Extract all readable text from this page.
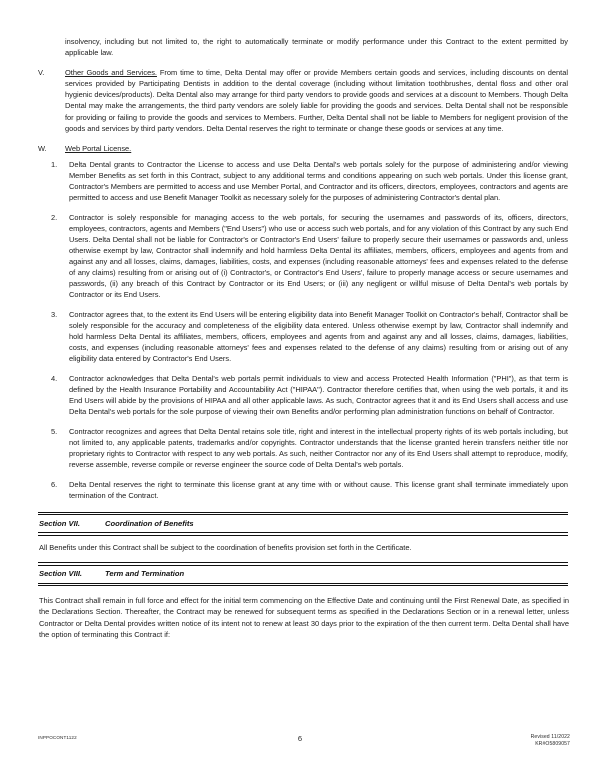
insolvency, including but not limited to, the right to automatically terminate or modify performance under this Contract to the extent permitted by applicable law.
V.	Other Goods and Services. From time to time, Delta Dental may offer or provide Members certain goods and services, including discounts on dental services provided by Participating Dentists in addition to the dental coverage (including without limitation toothbrushes, dental floss and other oral hygienic devices/products). Delta Dental also may arrange for third party vendors to provide goods and services at a discount to Members. Though Delta Dental may make the arrangements, the third party vendors are solely liable for providing the goods and services. Delta Dental shall not be responsible for providing or failing to provide the goods and services to Members. Further, Delta Dental shall not be liable to Members for negligent provision of the goods and services by third party vendors. Delta Dental reserves the right to terminate or change these goods or services at any time.
W.	Web Portal License.
1.	Delta Dental grants to Contractor the License to access and use Delta Dental's web portals solely for the purpose of administering and/or viewing Member Benefits as set forth in this Contract, subject to any additional terms and conditions appearing on such web portals. Under this license grant, Contractor's Members are permitted to access and use Member Portal, and Contractor and its officers, directors, employees, contractors and agents are permitted to access and use Benefit Manager Toolkit as necessary solely for the purposes of administering Contractor's dental plan.
2.	Contractor is solely responsible for managing access to the web portals, for securing the usernames and passwords of its, officers, directors, employees, contractors, agents and Members ("End Users") who use or access such web portals, and for any violation of this Contract by any such End Users. Delta Dental shall not be liable for Contractor's or Contractor's End Users' failure to properly secure their usernames or passwords and, unless otherwise exempt by law, Contractor shall indemnify and hold harmless Delta Dental its affiliates, members, officers, employees and agents from and against any and all losses, claims, damages, liabilities, costs, and expenses (including reasonable attorneys' fees and expenses related to the defense of any claims) resulting from or arising out of (i) Contractor's, or Contractor's End Users', failure to properly manage access or secure usernames and passwords, (ii) any breach of this Contract by Contractor or its End Users; or (iii) any negligent or willful misuse of Delta Dental's web portals by Contractor or its End Users.
3.	Contractor agrees that, to the extent its End Users will be entering eligibility data into Benefit Manager Toolkit on Contractor's behalf, Contractor shall be solely responsible for the accuracy and completeness of the eligibility data entered. Unless otherwise exempt by law, Contractor shall indemnify and hold harmless Delta Dental its affiliates, members, officers, employees and agents from and against any and all losses, claims, damages, liabilities, costs, and expenses (including reasonable attorneys' fees and expenses related to the defense of any claims) resulting from or arising out of any eligibility data entered by Contractor's End Users.
4.	Contractor acknowledges that Delta Dental's web portals permit individuals to view and access Protected Health Information ("PHI"), as that term is defined by the Health Insurance Portability and Accountability Act ("HIPAA"). Contractor therefore certifies that, when using the web portals, it and its End Users will abide by the provisions of HIPAA and all other applicable laws. As such, Contractor agrees that it and its End Users shall access and use Delta Dental's web portals for the sole purpose of viewing their own Benefits and/or performing plan administration functions on behalf of Contractor.
5.	Contractor recognizes and agrees that Delta Dental retains sole title, right and interest in the intellectual property rights of its web portals including, but not limited to, any applicable patents, trademarks and/or copyrights. Contractor understands that the license granted herein transfers neither title nor proprietary rights to Contractor with respect to any web portals. As such, neither Contractor nor any of its End Users shall attempt to reproduce, modify, reverse assemble, reverse compile or reverse engineer the source code of Delta Dental's web portals.
6.	Delta Dental reserves the right to terminate this license grant at any time with or without cause. This license grant shall terminate immediately upon termination of the Contract.
Section VII.	Coordination of Benefits
All Benefits under this Contract shall be subject to the coordination of benefits provision set forth in the Certificate.
Section VIII.	Term and Termination
This Contract shall remain in full force and effect for the initial term commencing on the Effective Date and continuing until the First Renewal Date, as specified in the Declarations Section. Thereafter, the Contract may be renewed for subsequent terms as specified in the Declarations Section or in a renewal letter, unless Contractor or Delta Dental provides written notice of its intent not to renew at least 30 days prior to the expiration of the then current term. Delta Dental shall have the option of terminating this Contract if:
INPPOCONT1122	6	Revised 11/2022
KR#O5809057
